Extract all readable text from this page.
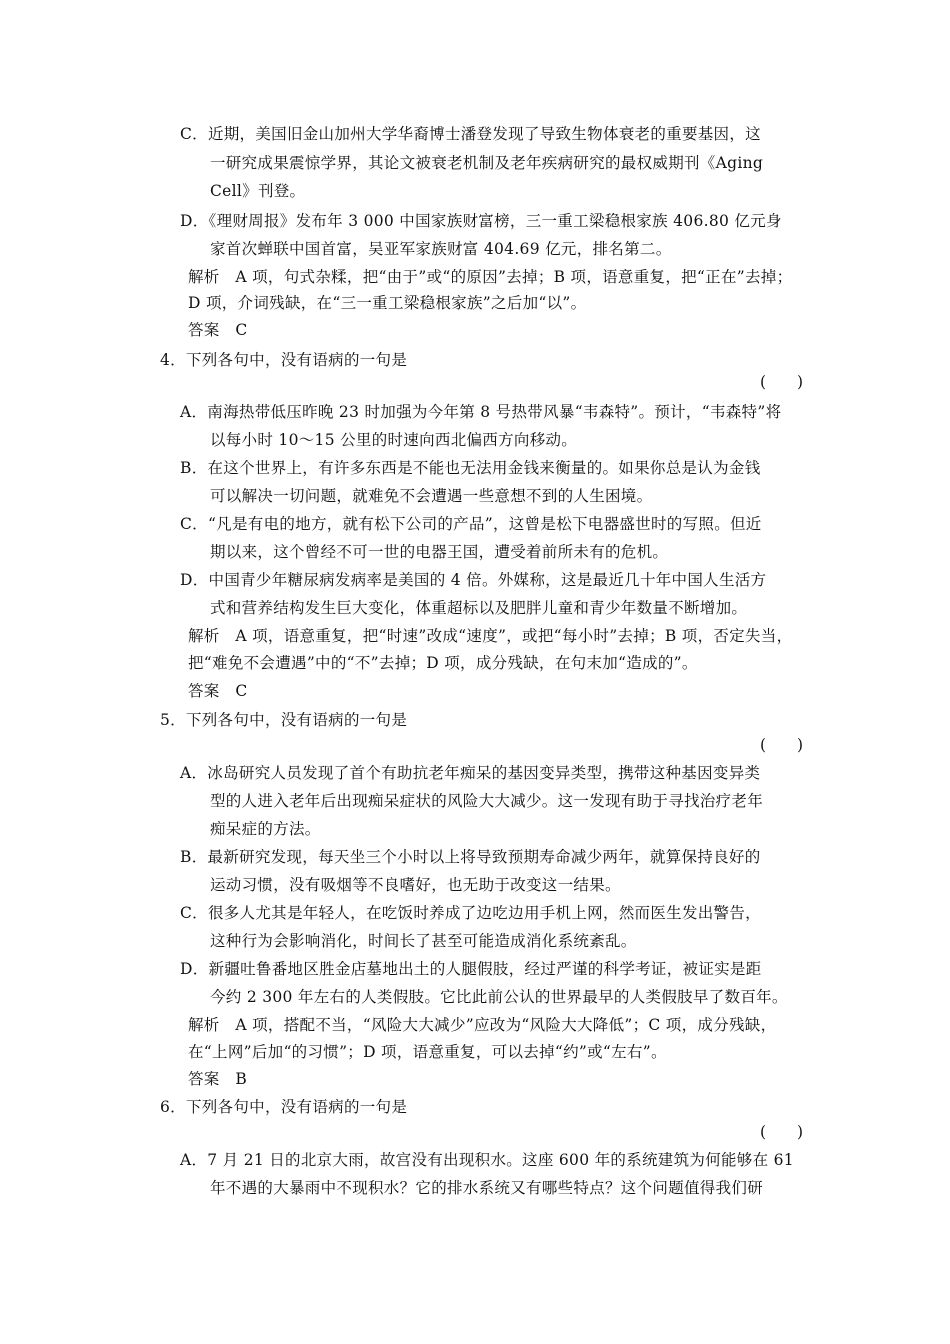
C．近期，美国旧金山加州大学华裔博士潘登发现了导致生物体衰老的重要基因，这
一研究成果震惊学界，其论文被衰老机制及老年疾病研究的最权威期刊《Aging
Cell》刊登。
D．《理财周报》发布年 3 000 中国家族财富榜，三一重工梁稳根家族 406.80 亿元身
家首次蝉联中国首富，吴亚军家族财富 404.69 亿元，排名第二。
解析　A 项，句式杂糅，把“由于”或“的原因”去掉；B 项，语意重复，把“正在”去掉；
D 项，介词残缺，在“三一重工梁稳根家族”之后加“以”。
答案　C
4．下列各句中，没有语病的一句是
(　　)
A．南海热带低压昨晚 23 时加强为今年第 8 号热带风暴“韦森特”。预计，“韦森特”将
以每小时 10～15 公里的时速向西北偏西方向移动。
B．在这个世界上，有许多东西是不能也无法用金钱来衡量的。如果你总是认为金钱
可以解决一切问题，就难免不会遭遇一些意想不到的人生困境。
C．“凡是有电的地方，就有松下公司的产品”，这曾是松下电器盛世时的写照。但近
期以来，这个曾经不可一世的电器王国，遭受着前所未有的危机。
D．中国青少年糖尿病发病率是美国的 4 倍。外媒称，这是最近几十年中国人生活方
式和营养结构发生巨大变化，体重超标以及肥胖儿童和青少年数量不断增加。
解析　A 项，语意重复，把“时速”改成“速度”，或把“每小时”去掉；B 项，否定失当，
把“难免不会遭遇”中的“不”去掉；D 项，成分残缺，在句末加“造成的”。
答案　C
5．下列各句中，没有语病的一句是
(　　)
A．冰岛研究人员发现了首个有助抗老年痴呆的基因变异类型，携带这种基因变异类
型的人进入老年后出现痴呆症状的风险大大减少。这一发现有助于寻找治疗老年
痴呆症的方法。
B．最新研究发现，每天坐三个小时以上将导致预期寿命减少两年，就算保持良好的
运动习惯，没有吸烟等不良嗜好，也无助于改变这一结果。
C．很多人尤其是年轻人，在吃饭时养成了边吃边用手机上网，然而医生发出警告，
这种行为会影响消化，时间长了甚至可能造成消化系统紊乱。
D．新疆吐鲁番地区胜金店墓地出土的人腿假肢，经过严谨的科学考证，被证实是距
今约 2 300 年左右的人类假肢。它比此前公认的世界最早的人类假肢早了数百年。
解析　A 项，搭配不当，“风险大大减少”应改为“风险大大降低”；C 项，成分残缺，
在“上网”后加“的习惯”；D 项，语意重复，可以去掉“约”或“左右”。
答案　B
6．下列各句中，没有语病的一句是
(　　)
A．7 月 21 日的北京大雨，故宫没有出现积水。这座 600 年的系统建筑为何能够在 61
年不遇的大暴雨中不现积水？它的排水系统又有哪些特点？这个问题值得我们研
